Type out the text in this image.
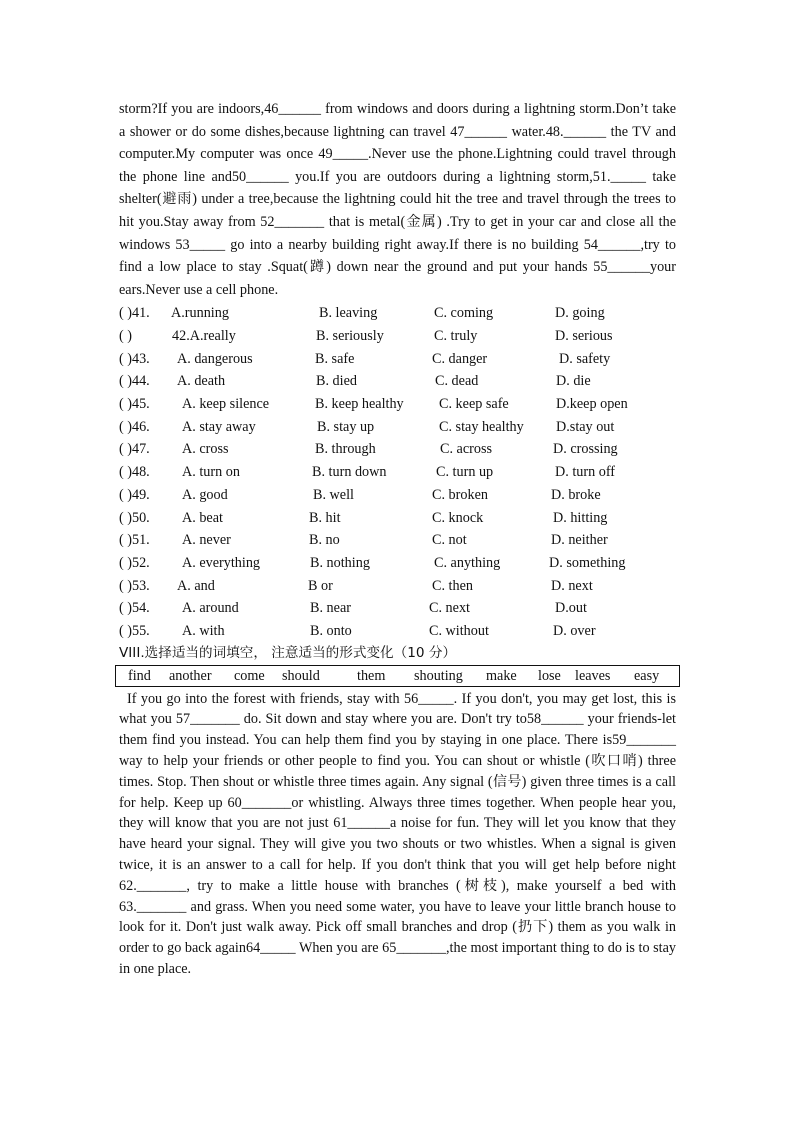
storm?If you are indoors,46______ from windows and doors during a lightning storm.Don’t take a shower or do some dishes,because lightning can travel 47______ water.48.______ the TV and computer.My computer was once 49_____.Never use the phone.Lightning could travel through the phone line and50______ you.If you are outdoors during a lightning storm,51._____ take shelter(避雨) under a tree,because the lightning could hit the tree and travel through the trees to hit you.Stay away from 52_______ that is metal(金属) .Try to get in your car and close all the windows 53_____ go into a nearby building right away.If there is no building 54______,try to find a low place to stay .Squat(蹲) down near the ground and put your hands 55______your ears.Never use a cell phone.

( )41. A.running	B. leaving	C. coming	D. going
( )	42.A.really	B. seriously	C. truly	D. serious
( )43. A. dangerous	B. safe	C. danger	D. safety
( )44. A. death	B. died	C. dead	D. die
( )45. A. keep silence	B. keep healthy C. keep safe	D.keep open
( )46. A. stay away	B. stay up	C. stay healthy D.stay out
( )47. A. cross	B. through	C. across	D. crossing
( )48. A. turn on	B. turn down	C. turn up	D. turn off
( )49. A. good	B. well	C. broken	D. broke
( )50. A. beat	B. hit	C. knock	D. hitting
( )51. A. never	B. no	C. not	D. neither
( )52. A. everything	B. nothing	C. anything	D. something
( )53. A. and	B or	C. then	D. next
( )54. A. around	B. near	C. next	D.out
( )55. A. with	B. onto	C. without	D. over
VIII.选择适当的词填空， 注意适当的形式变化（10 分）
find another come should	them shouting make lose leaves easy

If you go into the forest with friends, stay with 56_____. If you don't, you may get lost, this is what you 57_______ do. Sit down and stay where you are. Don't try to58______ your friends-let them find you instead. You can help them find you by staying in one place. There is59_______ way to help your friends or other people to find you. You can shout or whistle (吹口哨) three times. Stop. Then shout or whistle three times again. Any signal (信号) given three times is a call for help. Keep up 60_______or whistling. Always three times together. When people hear you, they will know that you are not just 61______a noise for fun. They will let you know that they have heard your signal. They will give you two shouts or two whistles. When a signal is given twice, it is an answer to a call for help. If you don't think that you will get help before night 62._______, try to make a little house with branches (树枝), make yourself a bed with 63._______ and grass. When you need some water, you have to leave your little branch house to look for it. Don't just walk away. Pick off small branches and drop (扔下) them as you walk in order to go back again64_____ When you are 65_______,the most important thing to do is to stay in one place.
